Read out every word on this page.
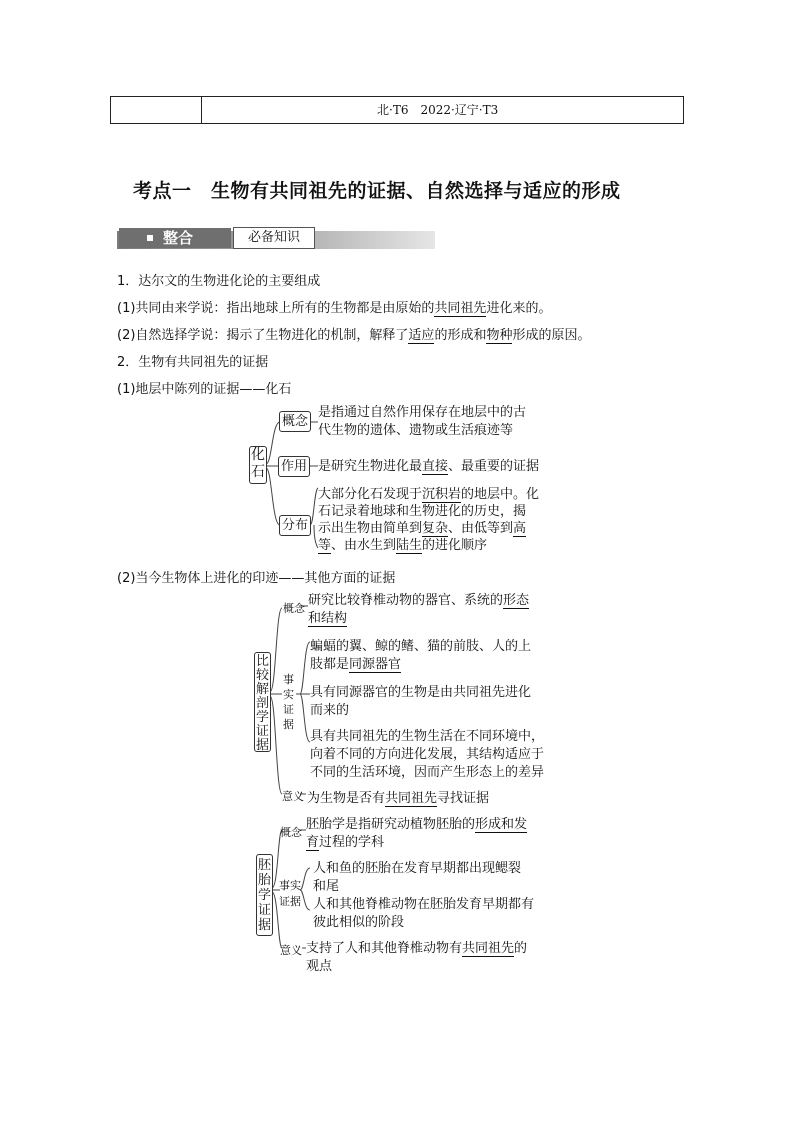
北·T6　2022·辽宁·T3
考点一　生物有共同祖先的证据、自然选择与适应的形成
整合	必备知识
1．达尔文的生物进化论的主要组成
(1)共同由来学说：指出地球上所有的生物都是由原始的共同祖先进化来的。
(2)自然选择学说：揭示了生物进化的机制，解释了适应的形成和物种形成的原因。
2．生物有共同祖先的证据
(1)地层中陈列的证据——化石
化石
概念
作用
分布
是指通过自然作用保存在地层中的古
代生物的遗体、遗物或生活痕迹等
是研究生物进化最直接、最重要的证据
大部分化石发现于沉积岩的地层中。化
石记录着地球和生物进化的历史，揭
示出生物由简单到复杂、由低等到高
等、由水生到陆生的进化顺序
(2)当今生物体上进化的印迹——其他方面的证据
比较解剖学证据
概念
事实证据
意义
研究比较脊椎动物的器官、系统的形态
和结构
蝙蝠的翼、鲸的鳍、猫的前肢、人的上
肢都是同源器官
具有同源器官的生物是由共同祖先进化
而来的
具有共同祖先的生物生活在不同环境中，
向着不同的方向进化发展，其结构适应于
不同的生活环境，因而产生形态上的差异
为生物是否有共同祖先寻找证据
胚胎学证据
概念
事实证据
意义
胚胎学是指研究动植物胚胎的形成和发
育过程的学科
人和鱼的胚胎在发育早期都出现鳃裂
和尾
人和其他脊椎动物在胚胎发育早期都有
彼此相似的阶段
支持了人和其他脊椎动物有共同祖先的
观点
